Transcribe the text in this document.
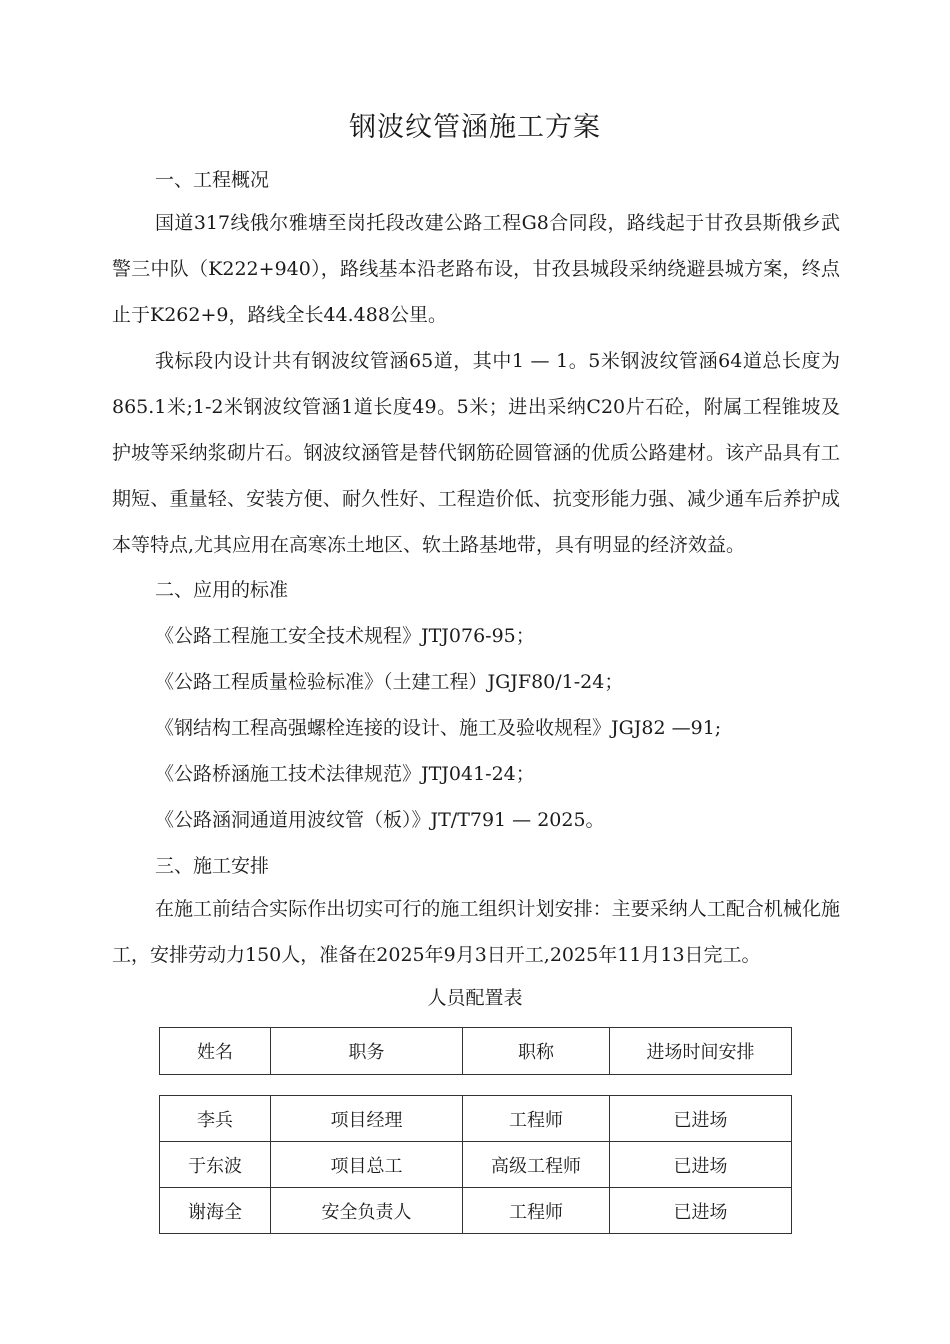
钢波纹管涵施工方案
一、工程概况
国道317线俄尔雅塘至岗托段改建公路工程G8合同段，路线起于甘孜县斯俄乡武警三中队（K222+940），路线基本沿老路布设，甘孜县城段采纳绕避县城方案，终点止于K262+9，路线全长44.488公里。
我标段内设计共有钢波纹管涵65道，其中1 — 1。5米钢波纹管涵64道总长度为865.1米;1-2米钢波纹管涵1道长度49。5米；进出采纳C20片石砼，附属工程锥坡及护坡等采纳浆砌片石。钢波纹涵管是替代钢筋砼圆管涵的优质公路建材。该产品具有工期短、重量轻、安装方便、耐久性好、工程造价低、抗变形能力强、减少通车后养护成本等特点,尤其应用在高寒冻土地区、软土路基地带，具有明显的经济效益。
二、应用的标准
《公路工程施工安全技术规程》JTJ076-95；
《公路工程质量检验标准》（土建工程）JGJF80/1-24；
《钢结构工程高强螺栓连接的设计、施工及验收规程》JGJ82 —91;
《公路桥涵施工技术法律规范》JTJ041-24；
《公路涵洞通道用波纹管（板）》JT/T791 — 2025。
三、施工安排
在施工前结合实际作出切实可行的施工组织计划安排：主要采纳人工配合机械化施工，安排劳动力150人，准备在2025年9月3日开工,2025年11月13日完工。
人员配置表
姓名	职务	职称	进场时间安排
李兵	项目经理	工程师	已进场
于东波	项目总工	高级工程师	已进场
谢海全	安全负责人	工程师	已进场
